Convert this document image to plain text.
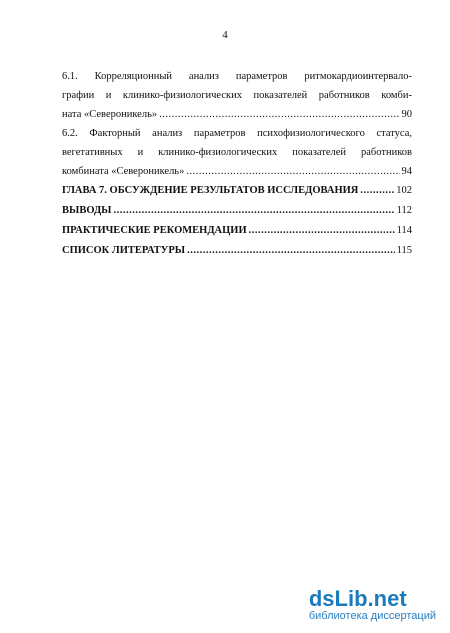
4
6.1. Корреляционный анализ параметров ритмокардиоинтервало-
графии и клинико-физиологических показателей работников комби-
ната «Североникель» .....	90
6.2. Факторный анализ параметров психофизиологического статуса,
вегетативных и клинико-физиологических показателей работников
комбината «Североникель» .....	94
ГЛАВА 7. ОБСУЖДЕНИЕ РЕЗУЛЬТАТОВ ИССЛЕДОВАНИЯ .....	102
ВЫВОДЫ .....	112
ПРАКТИЧЕСКИЕ РЕКОМЕНДАЦИИ .....	114
СПИСОК ЛИТЕРАТУРЫ .....	115
dsLib.net
библиотека диссертаций
